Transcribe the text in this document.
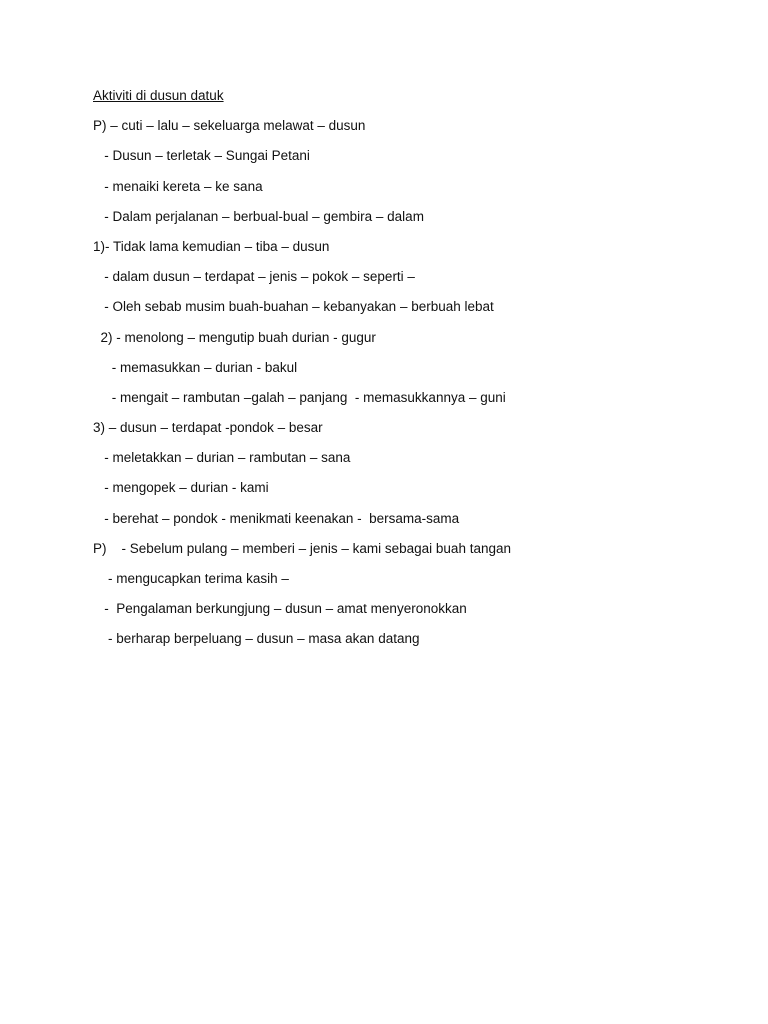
Aktiviti di dusun datuk
P) – cuti – lalu – sekeluarga melawat – dusun
- Dusun – terletak – Sungai Petani
- menaiki kereta – ke sana
- Dalam perjalanan – berbual-bual – gembira – dalam
1)- Tidak lama kemudian – tiba – dusun
- dalam dusun – terdapat – jenis – pokok – seperti –
- Oleh sebab musim buah-buahan – kebanyakan – berbuah lebat
2) - menolong – mengutip buah durian - gugur
- memasukkan – durian - bakul
- mengait – rambutan –galah – panjang  - memasukkannya – guni
3) – dusun – terdapat -pondok – besar
- meletakkan – durian – rambutan – sana
- mengopek – durian - kami
- berehat – pondok - menikmati keenakan -  bersama-sama
P)    - Sebelum pulang – memberi – jenis – kami sebagai buah tangan
- mengucapkan terima kasih –
-  Pengalaman berkungjung – dusun – amat menyeronokkan
- berharap berpeluang – dusun – masa akan datang
